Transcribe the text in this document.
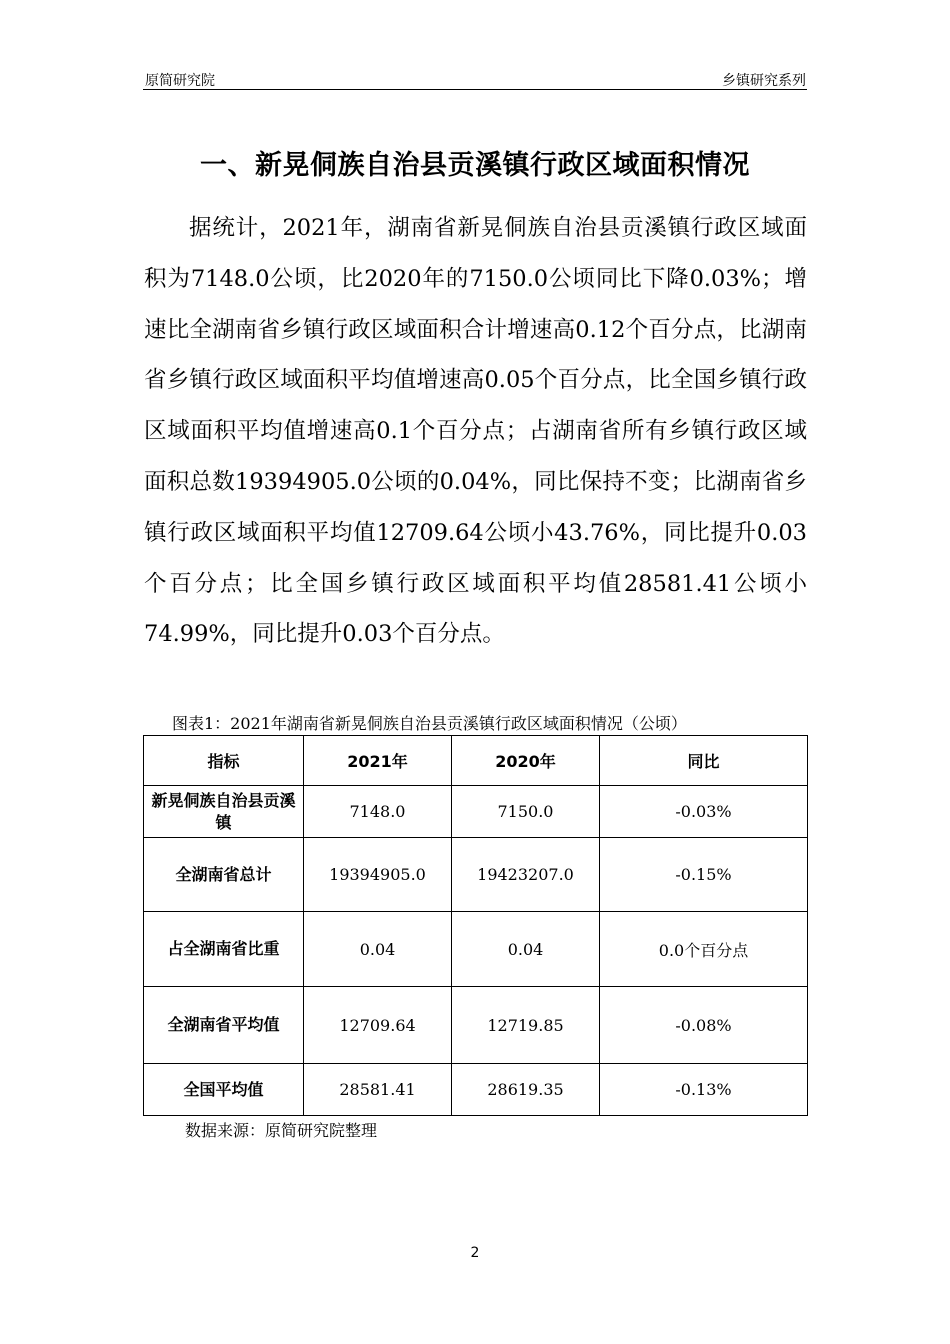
原简研究院	乡镇研究系列
一、新晃侗族自治县贡溪镇行政区域面积情况

据统计，2021年，湖南省新晃侗族自治县贡溪镇行政区域面积为7148.0公顷，比2020年的7150.0公顷同比下降0.03%；增速比全湖南省乡镇行政区域面积合计增速高0.12个百分点，比湖南省乡镇行政区域面积平均值增速高0.05个百分点，比全国乡镇行政区域面积平均值增速高0.1个百分点；占湖南省所有乡镇行政区域面积总数19394905.0公顷的0.04%，同比保持不变；比湖南省乡镇行政区域面积平均值12709.64公顷小43.76%，同比提升0.03个百分点；比全国乡镇行政区域面积平均值28581.41公顷小74.99%，同比提升0.03个百分点。

图表1：2021年湖南省新晃侗族自治县贡溪镇行政区域面积情况（公顷）
指标	2021年	2020年	同比
新晃侗族自治县贡溪镇	7148.0	7150.0	-0.03%
全湖南省总计	19394905.0	19423207.0	-0.15%
占全湖南省比重	0.04	0.04	0.0个百分点
全湖南省平均值	12709.64	12719.85	-0.08%
全国平均值	28581.41	28619.35	-0.13%
数据来源：原简研究院整理
2
